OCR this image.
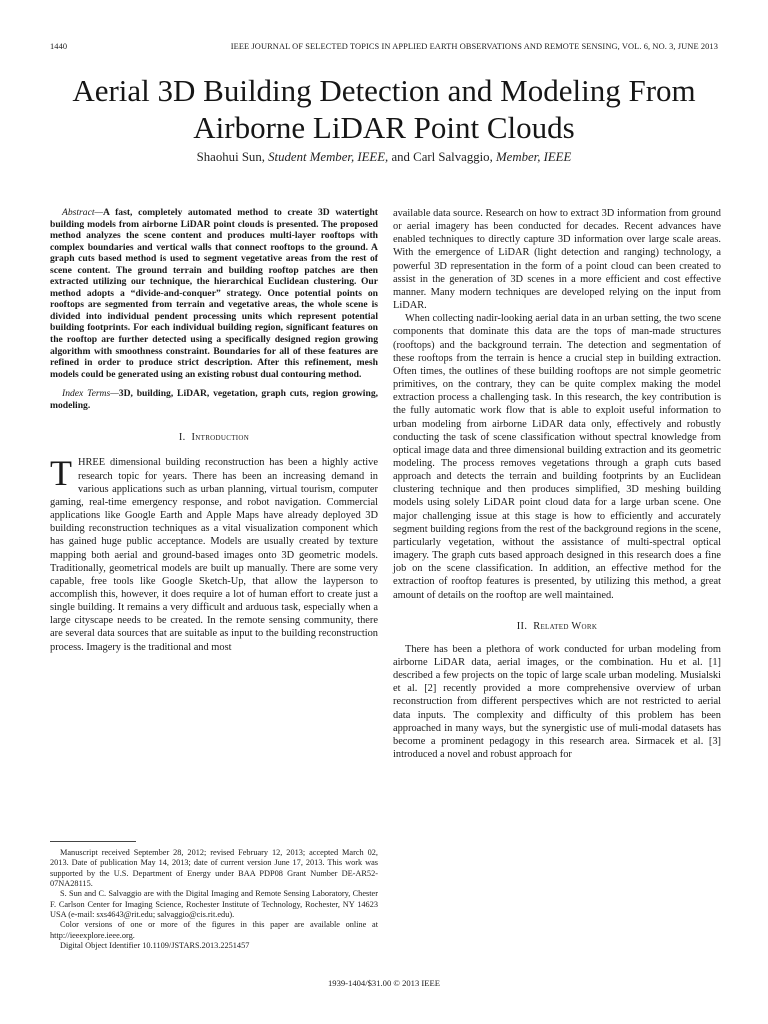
1440	IEEE JOURNAL OF SELECTED TOPICS IN APPLIED EARTH OBSERVATIONS AND REMOTE SENSING, VOL. 6, NO. 3, JUNE 2013
Aerial 3D Building Detection and Modeling From Airborne LiDAR Point Clouds
Shaohui Sun, Student Member, IEEE, and Carl Salvaggio, Member, IEEE

Abstract—A fast, completely automated method to create 3D watertight building models from airborne LiDAR point clouds is presented. The proposed method analyzes the scene content and produces multi-layer rooftops with complex boundaries and vertical walls that connect rooftops to the ground. A graph cuts based method is used to segment vegetative areas from the rest of scene content. The ground terrain and building rooftop patches are then extracted utilizing our technique, the hierarchical Euclidean clustering. Our method adopts a “divide-and-conquer” strategy. Once potential points on rooftops are segmented from terrain and vegetative areas, the whole scene is divided into individual pendent processing units which represent potential building footprints. For each individual building region, significant features on the rooftop are further detected using a specifically designed region growing algorithm with smoothness constraint. Boundaries for all of these features are refined in order to produce strict description. After this refinement, mesh models could be generated using an existing robust dual contouring method.

Index Terms—3D, building, LiDAR, vegetation, graph cuts, region growing, modeling.

I. Introduction

THREE dimensional building reconstruction has been a highly active research topic for years. There has been an increasing demand in various applications such as urban planning, virtual tourism, computer gaming, real-time emergency response, and robot navigation. Commercial applications like Google Earth and Apple Maps have already deployed 3D building reconstruction techniques as a vital visualization component which has gained huge public acceptance. Models are usually created by texture mapping both aerial and ground-based images onto 3D geometric models. Traditionally, geometrical models are built up manually. There are some very capable, free tools like Google Sketch-Up, that allow the layperson to accomplish this, however, it does require a lot of human effort to create just a single building. It remains a very difficult and arduous task, especially when a large cityscape needs to be created. In the remote sensing community, there are several data sources that are suitable as input to the building reconstruction process. Imagery is the traditional and most

Manuscript received September 28, 2012; revised February 12, 2013; accepted March 02, 2013. Date of publication May 14, 2013; date of current version June 17, 2013. This work was supported by the U.S. Department of Energy under BAA PDP08 Grant Number DE-AR52-07NA28115.

S. Sun and C. Salvaggio are with the Digital Imaging and Remote Sensing Laboratory, Chester F. Carlson Center for Imaging Science, Rochester Institute of Technology, Rochester, NY 14623 USA (e-mail: sxs4643@rit.edu; salvaggio@cis.rit.edu).

Color versions of one or more of the figures in this paper are available online at http://ieeexplore.ieee.org.

Digital Object Identifier 10.1109/JSTARS.2013.2251457

available data source. Research on how to extract 3D information from ground or aerial imagery has been conducted for decades. Recent advances have enabled techniques to directly capture 3D information over large scale areas. With the emergence of LiDAR (light detection and ranging) technology, a powerful 3D representation in the form of a point cloud can been created to assist in the generation of 3D scenes in a more efficient and cost effective manner. Many modern techniques are developed relying on the input from LiDAR.

When collecting nadir-looking aerial data in an urban setting, the two scene components that dominate this data are the tops of man-made structures (rooftops) and the background terrain. The detection and segmentation of these rooftops from the terrain is hence a crucial step in building extraction. Often times, the outlines of these building rooftops are not simple geometric primitives, on the contrary, they can be quite complex making the model extraction process a challenging task. In this research, the key contribution is the fully automatic work flow that is able to exploit useful information to urban modeling from airborne LiDAR data only, effectively and robustly conducting the task of scene classification without spectral knowledge from optical image data and three dimensional building extraction and its geometric modeling. The process removes vegetations through a graph cuts based approach and detects the terrain and building footprints by an Euclidean clustering technique and then produces simplified, 3D meshing building models using solely LiDAR point cloud data for a large urban scene. One major challenging issue at this stage is how to efficiently and accurately segment building regions from the rest of the background regions in the scene, particularly vegetation, without the assistance of multi-spectral optical imagery. The graph cuts based approach designed in this research does a fine job on the scene classification. In addition, an effective method for the extraction of rooftop features is presented, by utilizing this method, a great amount of details on the rooftop are well maintained.

II. Related Work

There has been a plethora of work conducted for urban modeling from airborne LiDAR data, aerial images, or the combination. Hu et al. [1] described a few projects on the topic of large scale urban modeling. Musialski et al. [2] recently provided a more comprehensive overview of urban reconstruction from different perspectives which are not restricted to aerial data inputs. The complexity and difficulty of this problem has been approached in many ways, but the synergistic use of muli-modal datasets has become a prominent pedagogy in this research area. Sirmacek et al. [3] introduced a novel and robust approach for

1939-1404/$31.00 © 2013 IEEE
